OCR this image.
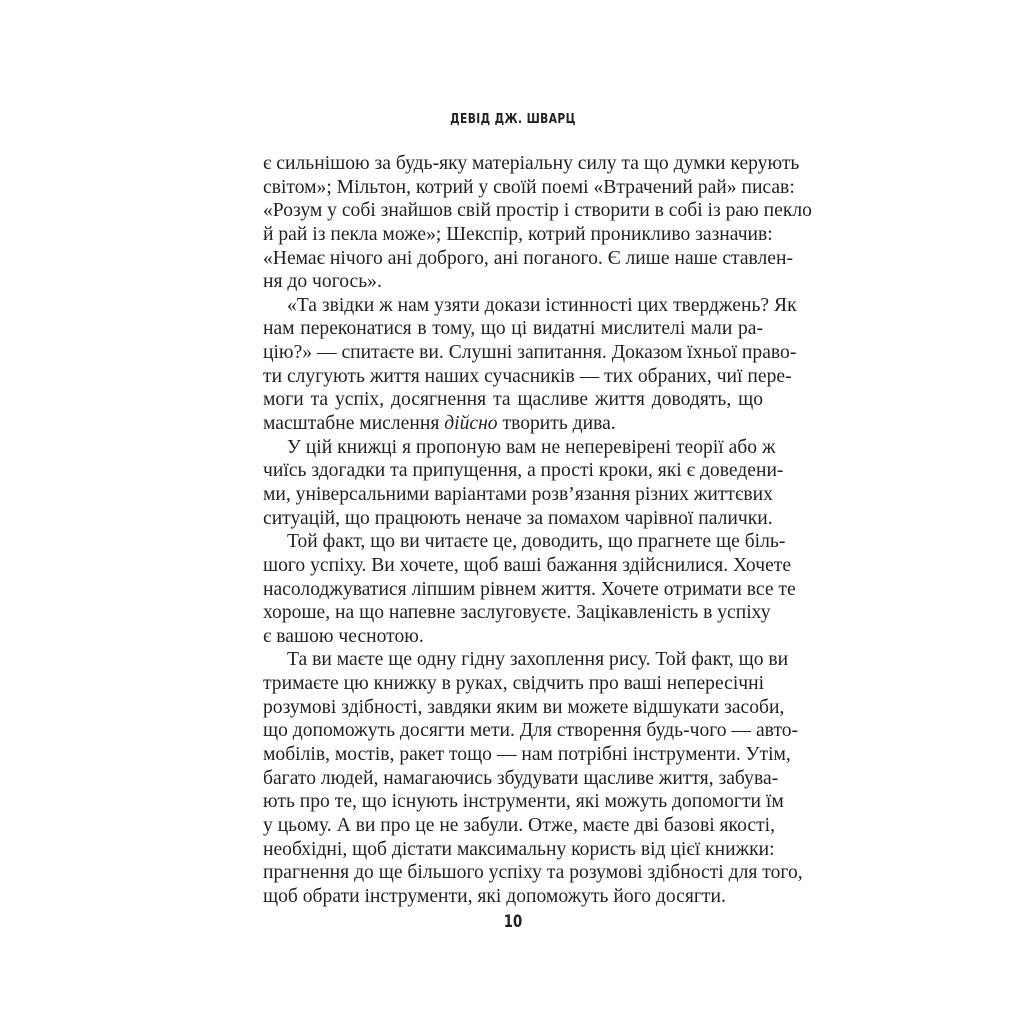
ДЕВІД ДЖ. ШВАРЦ
є сильнішою за будь-яку матеріальну силу та що думки керують
світом»; Мільтон, котрий у своїй поемі «Втрачений рай» писав:
«Розум у собі знайшов свій простір і створити в собі із раю пекло
й рай із пекла може»; Шекспір, котрий проникливо зазначив:
«Немає нічого ані доброго, ані поганого. Є лише наше ставлен-
ня до чогось».
«Та звідки ж нам узяти докази істинності цих тверджень? Як
нам переконатися в тому, що ці видатні мислителі мали ра-
цію?» — спитаєте ви. Слушні запитання. Доказом їхньої право-
ти слугують життя наших сучасників — тих обраних, чиї пере-
моги та успіх, досягнення та щасливе життя доводять, що
масштабне мислення дійсно творить дива.
У цій книжці я пропоную вам не неперевірені теорії або ж
чиїсь здогадки та припущення, а прості кроки, які є доведени-
ми, універсальними варіантами розв’язання різних життєвих
ситуацій, що працюють неначе за помахом чарівної палички.
Той факт, що ви читаєте це, доводить, що прагнете ще біль-
шого успіху. Ви хочете, щоб ваші бажання здійснилися. Хочете
насолоджуватися ліпшим рівнем життя. Хочете отримати все те
хороше, на що напевне заслуговуєте. Зацікавленість в успіху
є вашою чеснотою.
Та ви маєте ще одну гідну захоплення рису. Той факт, що ви
тримаєте цю книжку в руках, свідчить про ваші непересічні
розумові здібності, завдяки яким ви можете відшукати засоби,
що допоможуть досягти мети. Для створення будь-чого — авто-
мобілів, мостів, ракет тощо — нам потрібні інструменти. Утім,
багато людей, намагаючись збудувати щасливе життя, забува-
ють про те, що існують інструменти, які можуть допомогти їм
у цьому. А ви про це не забули. Отже, маєте дві базові якості,
необхідні, щоб дістати максимальну користь від цієї книжки:
прагнення до ще більшого успіху та розумові здібності для того,
щоб обрати інструменти, які допоможуть його досягти.
10
